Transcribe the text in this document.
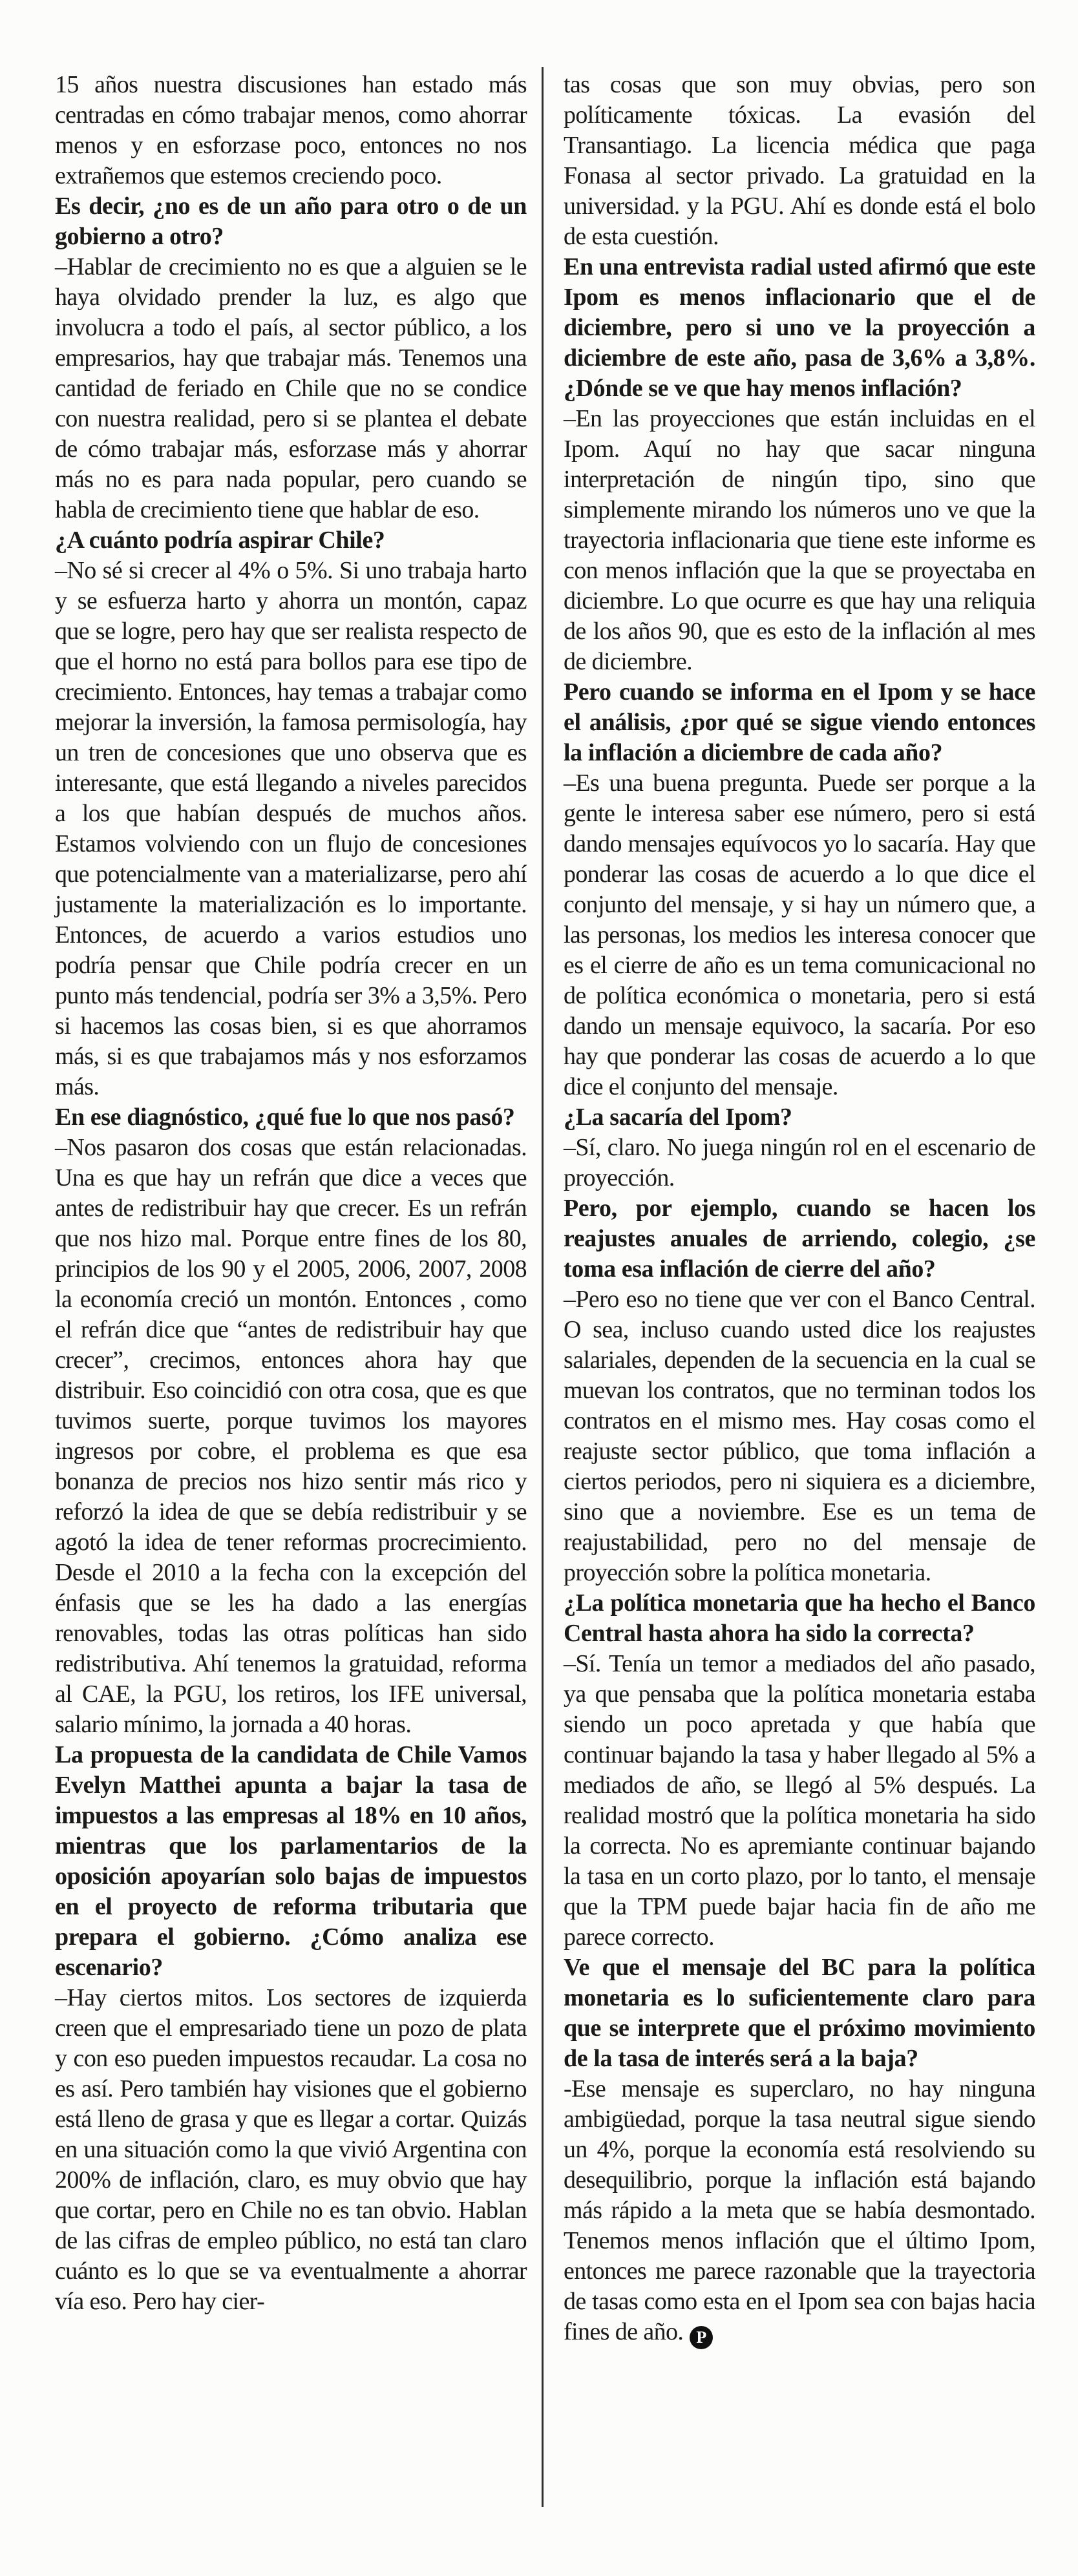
15 años nuestra discusiones han estado más centradas en cómo trabajar menos, como ahorrar menos y en esforzase poco, entonces no nos extrañemos que estemos creciendo poco.

Es decir, ¿no es de un año para otro o de un gobierno a otro?

–Hablar de crecimiento no es que a alguien se le haya olvidado prender la luz, es algo que involucra a todo el país, al sector público, a los empresarios, hay que trabajar más. Tenemos una cantidad de feriado en Chile que no se condice con nuestra realidad, pero si se plantea el debate de cómo trabajar más, esforzase más y ahorrar más no es para nada popular, pero cuando se habla de crecimiento tiene que hablar de eso.

¿A cuánto podría aspirar Chile?

–No sé si crecer al 4% o 5%. Si uno trabaja harto y se esfuerza harto y ahorra un montón, capaz que se logre, pero hay que ser realista respecto de que el horno no está para bollos para ese tipo de crecimiento. Entonces, hay temas a trabajar como mejorar la inversión, la famosa permisología, hay un tren de concesiones que uno observa que es interesante, que está llegando a niveles parecidos a los que habían después de muchos años. Estamos volviendo con un flujo de concesiones que potencialmente van a materializarse, pero ahí justamente la materialización es lo importante. Entonces, de acuerdo a varios estudios uno podría pensar que Chile podría crecer en un punto más tendencial, podría ser 3% a 3,5%. Pero si hacemos las cosas bien, si es que ahorramos más, si es que trabajamos más y nos esforzamos más.

En ese diagnóstico, ¿qué fue lo que nos pasó?

–Nos pasaron dos cosas que están relacionadas. Una es que hay un refrán que dice a veces que antes de redistribuir hay que crecer. Es un refrán que nos hizo mal. Porque entre fines de los 80, principios de los 90 y el 2005, 2006, 2007, 2008 la economía creció un montón. Entonces , como el refrán dice que “antes de redistribuir hay que crecer”, crecimos, entonces ahora hay que distribuir. Eso coincidió con otra cosa, que es que tuvimos suerte, porque tuvimos los mayores ingresos por cobre, el problema es que esa bonanza de precios nos hizo sentir más rico y reforzó la idea de que se debía redistribuir y se agotó la idea de tener reformas procrecimiento. Desde el 2010 a la fecha con la excepción del énfasis que se les ha dado a las energías renovables, todas las otras políticas han sido redistributiva. Ahí tenemos la gratuidad, reforma al CAE, la PGU, los retiros, los IFE universal, salario mínimo, la jornada a 40 horas.

La propuesta de la candidata de Chile Vamos Evelyn Matthei apunta a bajar la tasa de impuestos a las empresas al 18% en 10 años, mientras que los parlamentarios de la oposición apoyarían solo bajas de impuestos en el proyecto de reforma tributaria que prepara el gobierno. ¿Cómo analiza ese escenario?

–Hay ciertos mitos. Los sectores de izquierda creen que el empresariado tiene un pozo de plata y con eso pueden impuestos recaudar. La cosa no es así. Pero también hay visiones que el gobierno está lleno de grasa y que es llegar a cortar. Quizás en una situación como la que vivió Argentina con 200% de inflación, claro, es muy obvio que hay que cortar, pero en Chile no es tan obvio. Hablan de las cifras de empleo público, no está tan claro cuánto es lo que se va eventualmente a ahorrar vía eso. Pero hay cier-

tas cosas que son muy obvias, pero son políticamente tóxicas. La evasión del Transantiago. La licencia médica que paga Fonasa al sector privado. La gratuidad en la universidad. y la PGU. Ahí es donde está el bolo de esta cuestión.

En una entrevista radial usted afirmó que este Ipom es menos inflacionario que el de diciembre, pero si uno ve la proyección a diciembre de este año, pasa de 3,6% a 3,8%. ¿Dónde se ve que hay menos inflación?

–En las proyecciones que están incluidas en el Ipom. Aquí no hay que sacar ninguna interpretación de ningún tipo, sino que simplemente mirando los números uno ve que la trayectoria inflacionaria que tiene este informe es con menos inflación que la que se proyectaba en diciembre. Lo que ocurre es que hay una reliquia de los años 90, que es esto de la inflación al mes de diciembre.

Pero cuando se informa en el Ipom y se hace el análisis, ¿por qué se sigue viendo entonces la inflación a diciembre de cada año?

–Es una buena pregunta. Puede ser porque a la gente le interesa saber ese número, pero si está dando mensajes equívocos yo lo sacaría. Hay que ponderar las cosas de acuerdo a lo que dice el conjunto del mensaje, y si hay un número que, a las personas, los medios les interesa conocer que es el cierre de año es un tema comunicacional no de política económica o monetaria, pero si está dando un mensaje equivoco, la sacaría. Por eso hay que ponderar las cosas de acuerdo a lo que dice el conjunto del mensaje.

¿La sacaría del Ipom?

–Sí, claro. No juega ningún rol en el escenario de proyección.

Pero, por ejemplo, cuando se hacen los reajustes anuales de arriendo, colegio, ¿se toma esa inflación de cierre del año?

–Pero eso no tiene que ver con el Banco Central. O sea, incluso cuando usted dice los reajustes salariales, dependen de la secuencia en la cual se muevan los contratos, que no terminan todos los contratos en el mismo mes. Hay cosas como el reajuste sector público, que toma inflación a ciertos periodos, pero ni siquiera es a diciembre, sino que a noviembre. Ese es un tema de reajustabilidad, pero no del mensaje de proyección sobre la política monetaria.

¿La política monetaria que ha hecho el Banco Central hasta ahora ha sido la correcta?

–Sí. Tenía un temor a mediados del año pasado, ya que pensaba que la política monetaria estaba siendo un poco apretada y que había que continuar bajando la tasa y haber llegado al 5% a mediados de año, se llegó al 5% después. La realidad mostró que la política monetaria ha sido la correcta. No es apremiante continuar bajando la tasa en un corto plazo, por lo tanto, el mensaje que la TPM puede bajar hacia fin de año me parece correcto.

Ve que el mensaje del BC para la política monetaria es lo suficientemente claro para que se interprete que el próximo movimiento de la tasa de interés será a la baja?

-Ese mensaje es superclaro, no hay ninguna ambigüedad, porque la tasa neutral sigue siendo un 4%, porque la economía está resolviendo su desequilibrio, porque la inflación está bajando más rápido a la meta que se había desmontado. Tenemos menos inflación que el último Ipom, entonces me parece razonable que la trayectoria de tasas como esta en el Ipom sea con bajas hacia fines de año. P
